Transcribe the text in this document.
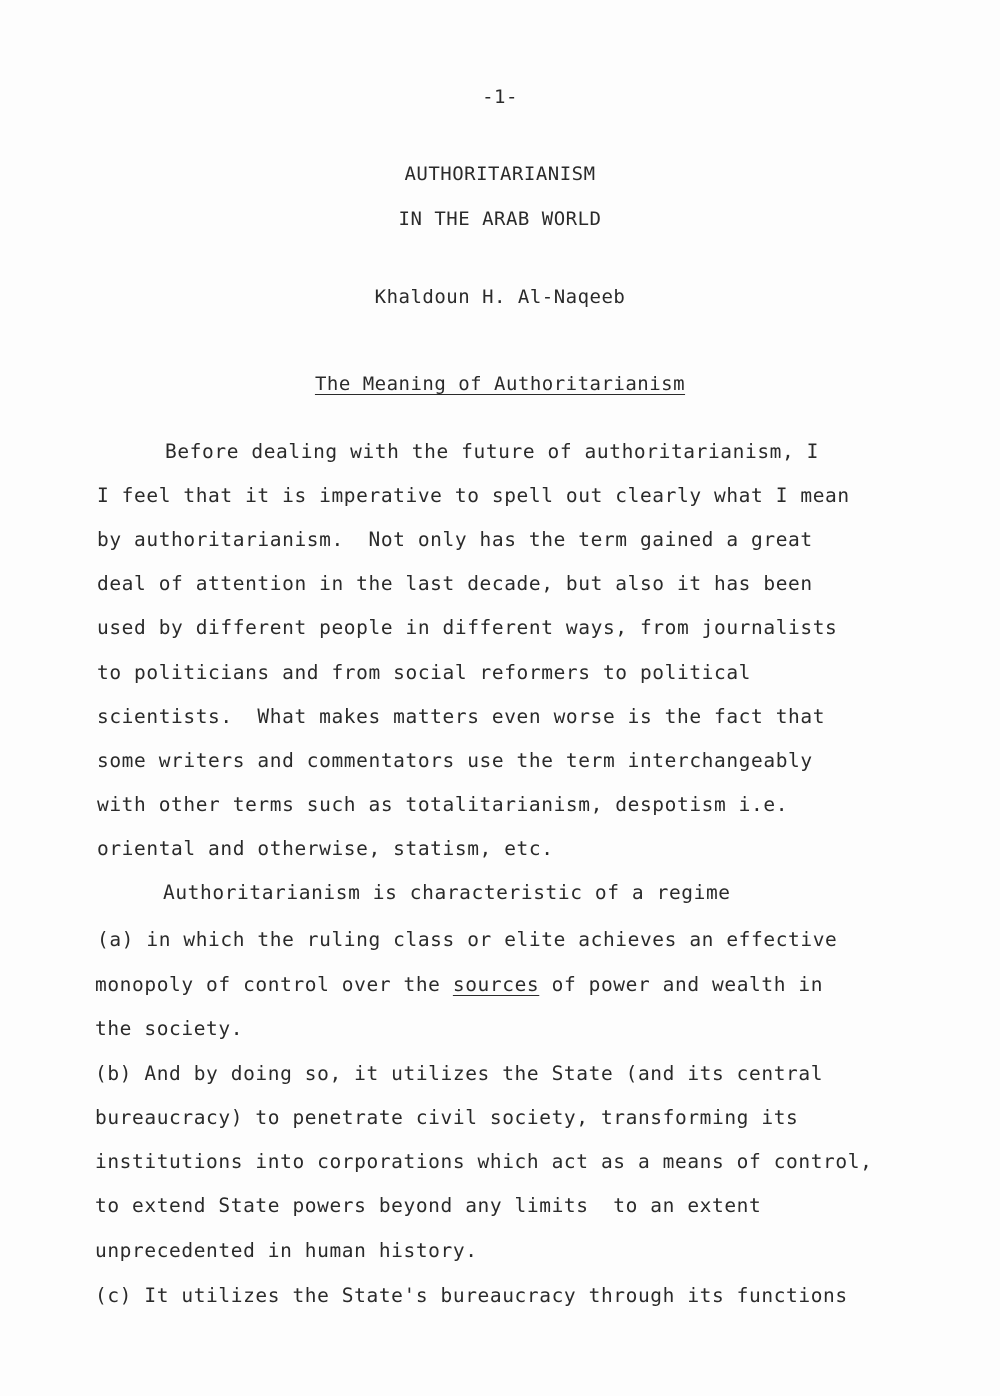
-1-
AUTHORITARIANISM
IN THE ARAB WORLD
Khaldoun H. Al-Naqeeb
The Meaning of Authoritarianism
Before dealing with the future of authoritarianism, I
I feel that it is imperative to spell out clearly what I mean
by authoritarianism.  Not only has the term gained a great
deal of attention in the last decade, but also it has been
used by different people in different ways, from journalists
to politicians and from social reformers to political
scientists.  What makes matters even worse is the fact that
some writers and commentators use the term interchangeably
with other terms such as totalitarianism, despotism i.e.
oriental and otherwise, statism, etc.
Authoritarianism is characteristic of a regime
(a) in which the ruling class or elite achieves an effective
monopoly of control over the sources of power and wealth in
the society.
(b) And by doing so, it utilizes the State (and its central
bureaucracy) to penetrate civil society, transforming its
institutions into corporations which act as a means of control,
to extend State powers beyond any limits  to an extent
unprecedented in human history.
(c) It utilizes the State's bureaucracy through its functions
